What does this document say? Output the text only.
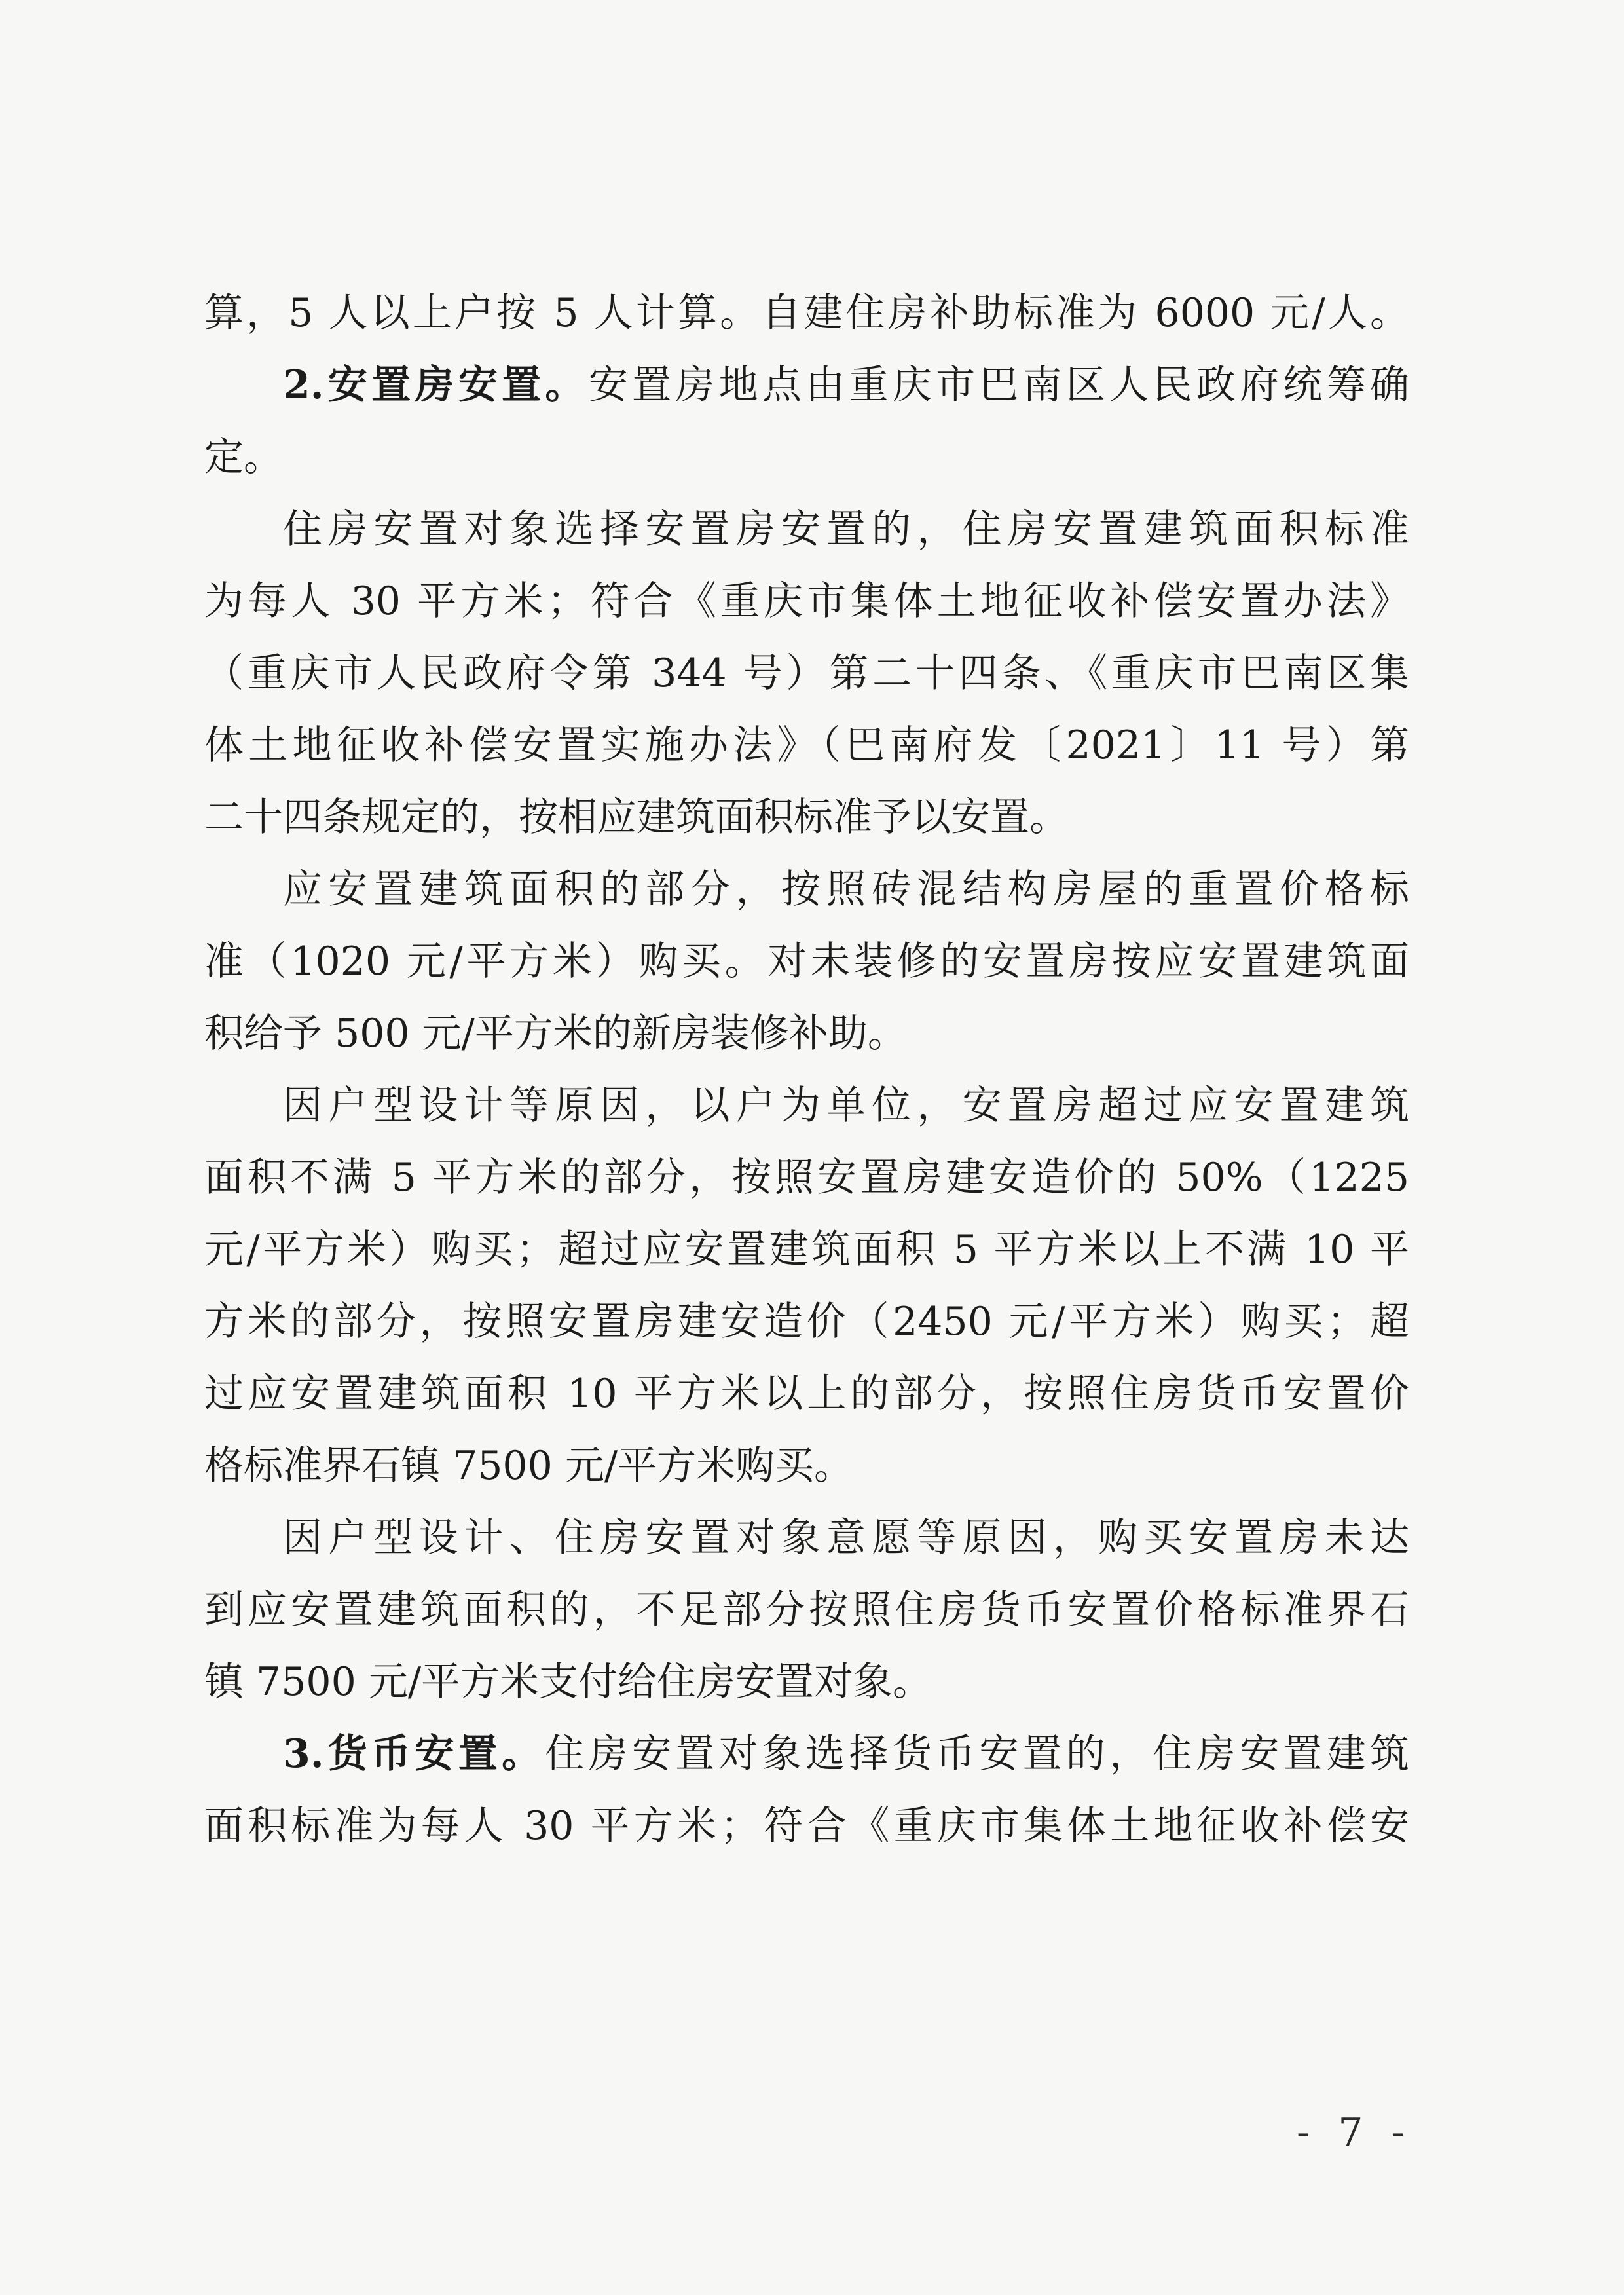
算，5 人以上户按 5 人计算。自建住房补助标准为 6000 元/人。
2.安置房安置。安置房地点由重庆市巴南区人民政府统筹确
定。
住房安置对象选择安置房安置的，住房安置建筑面积标准
为每人 30 平方米；符合《重庆市集体土地征收补偿安置办法》
（重庆市人民政府令第 344 号）第二十四条、《重庆市巴南区集
体土地征收补偿安置实施办法》（巴南府发〔2021〕11 号）第
二十四条规定的，按相应建筑面积标准予以安置。
应安置建筑面积的部分，按照砖混结构房屋的重置价格标
准（1020 元/平方米）购买。对未装修的安置房按应安置建筑面
积给予 500 元/平方米的新房装修补助。
因户型设计等原因，以户为单位，安置房超过应安置建筑
面积不满 5 平方米的部分，按照安置房建安造价的 50%（1225
元/平方米）购买；超过应安置建筑面积 5 平方米以上不满 10 平
方米的部分，按照安置房建安造价（2450 元/平方米）购买；超
过应安置建筑面积 10 平方米以上的部分，按照住房货币安置价
格标准界石镇 7500 元/平方米购买。
因户型设计、住房安置对象意愿等原因，购买安置房未达
到应安置建筑面积的，不足部分按照住房货币安置价格标准界石
镇 7500 元/平方米支付给住房安置对象。
3.货币安置。住房安置对象选择货币安置的，住房安置建筑
面积标准为每人 30 平方米；符合《重庆市集体土地征收补偿安
- 7 -
